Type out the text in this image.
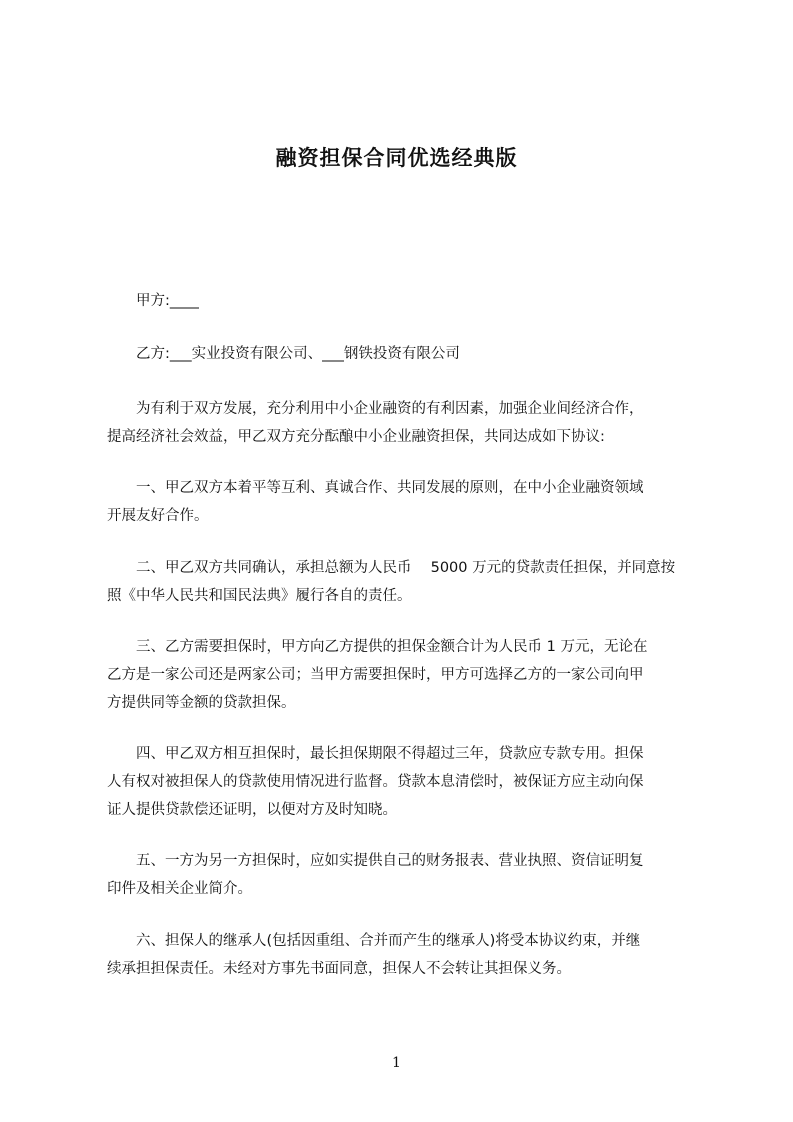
融资担保合同优选经典版
甲方:____
乙方:___实业投资有限公司、___钢铁投资有限公司
为有利于双方发展，充分利用中小企业融资的有利因素，加强企业间经济合作，
提高经济社会效益，甲乙双方充分酝酿中小企业融资担保，共同达成如下协议:
一、甲乙双方本着平等互利、真诚合作、共同发展的原则，在中小企业融资领域
开展友好合作。
二、甲乙双方共同确认，承担总额为人民币　 5000 万元的贷款责任担保，并同意按
照《中华人民共和国民法典》履行各自的责任。
三、乙方需要担保时，甲方向乙方提供的担保金额合计为人民币 1 万元，无论在
乙方是一家公司还是两家公司；当甲方需要担保时，甲方可选择乙方的一家公司向甲
方提供同等金额的贷款担保。
四、甲乙双方相互担保时，最长担保期限不得超过三年，贷款应专款专用。担保
人有权对被担保人的贷款使用情况进行监督。贷款本息清偿时，被保证方应主动向保
证人提供贷款偿还证明，以便对方及时知晓。
五、一方为另一方担保时，应如实提供自己的财务报表、营业执照、资信证明复
印件及相关企业简介。
六、担保人的继承人(包括因重组、合并而产生的继承人)将受本协议约束，并继
续承担担保责任。未经对方事先书面同意，担保人不会转让其担保义务。
1
